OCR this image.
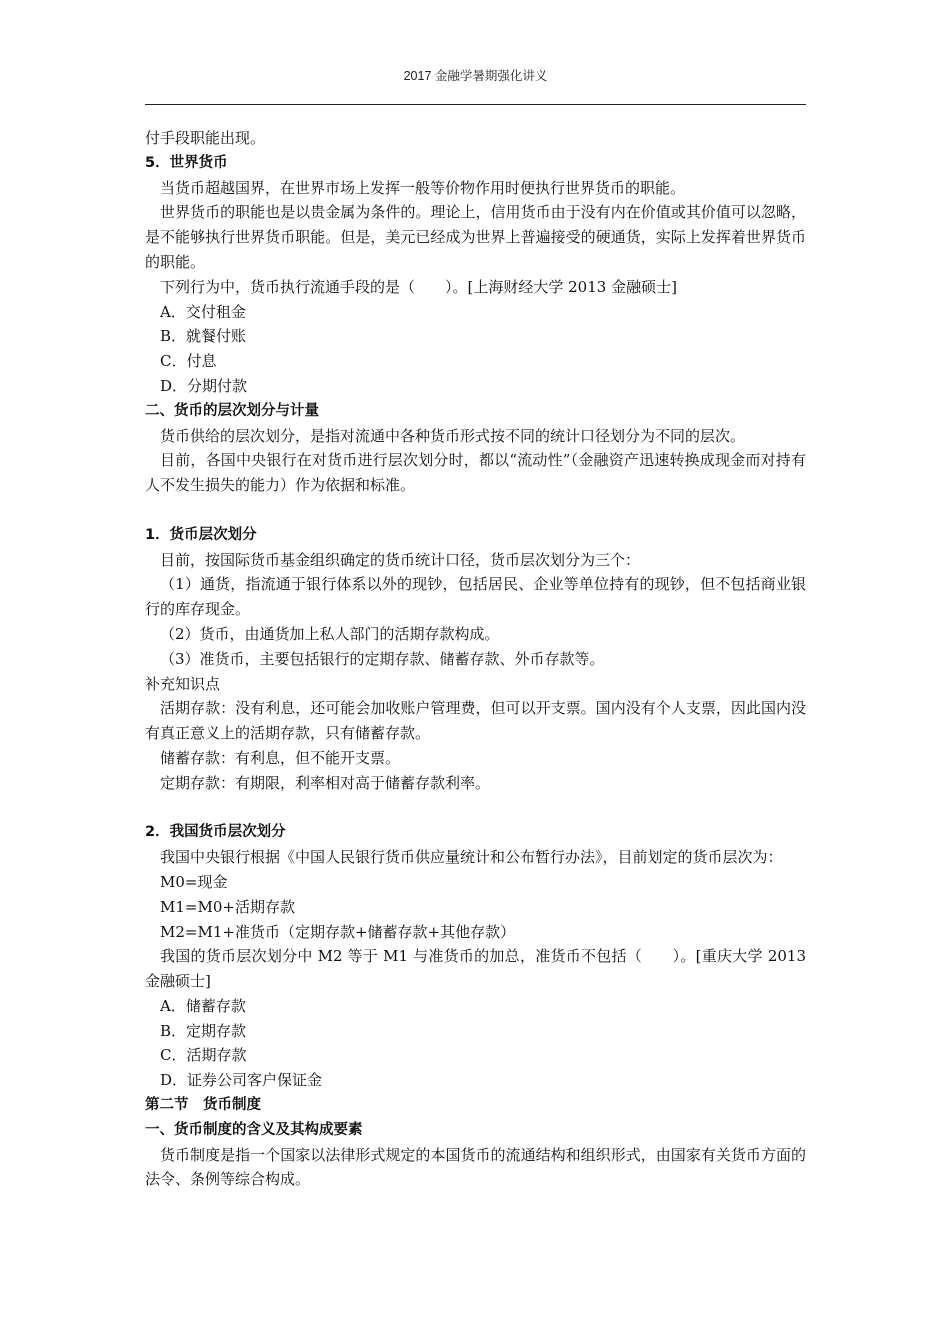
2017 金融学暑期强化讲义

付手段职能出现。

5．世界货币

当货币超越国界，在世界市场上发挥一般等价物作用时便执行世界货币的职能。

世界货币的职能也是以贵金属为条件的。理论上，信用货币由于没有内在价值或其价值可以忽略，是不能够执行世界货币职能。但是，美元已经成为世界上普遍接受的硬通货，实际上发挥着世界货币的职能。

下列行为中，货币执行流通手段的是（　　）。[上海财经大学 2013 金融硕士]

A．交付租金

B．就餐付账

C．付息

D．分期付款

二、货币的层次划分与计量

货币供给的层次划分，是指对流通中各种货币形式按不同的统计口径划分为不同的层次。

目前，各国中央银行在对货币进行层次划分时，都以“流动性”（金融资产迅速转换成现金而对持有人不发生损失的能力）作为依据和标准。

1．货币层次划分

目前，按国际货币基金组织确定的货币统计口径，货币层次划分为三个：

（1）通货，指流通于银行体系以外的现钞，包括居民、企业等单位持有的现钞，但不包括商业银行的库存现金。

（2）货币，由通货加上私人部门的活期存款构成。

（3）准货币，主要包括银行的定期存款、储蓄存款、外币存款等。

补充知识点

活期存款：没有利息，还可能会加收账户管理费，但可以开支票。国内没有个人支票，因此国内没有真正意义上的活期存款，只有储蓄存款。

储蓄存款：有利息，但不能开支票。

定期存款：有期限，利率相对高于储蓄存款利率。

2．我国货币层次划分

我国中央银行根据《中国人民银行货币供应量统计和公布暂行办法》，目前划定的货币层次为：

M0=现金

M1=M0+活期存款

M2=M1+准货币（定期存款+储蓄存款+其他存款）

我国的货币层次划分中 M2 等于 M1 与准货币的加总，准货币不包括（　　）。[重庆大学 2013 金融硕士]

A．储蓄存款

B．定期存款

C．活期存款

D．证券公司客户保证金

第二节　货币制度

一、货币制度的含义及其构成要素

货币制度是指一个国家以法律形式规定的本国货币的流通结构和组织形式，由国家有关货币方面的法令、条例等综合构成。
